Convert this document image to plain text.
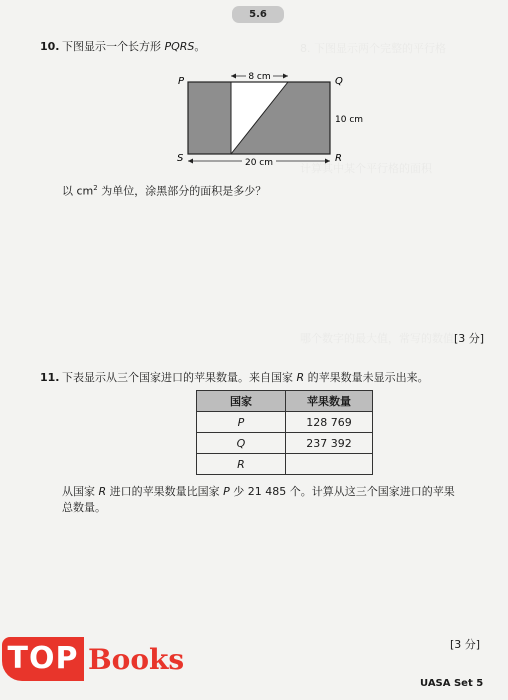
5.6
8. 下图显示两个完整的平行格
计算其中某个平行格的面积
哪个数字的最大值，常写的数值
10. 下图显示一个长方形 PQRS。
8 cm
20 cm
10 cm
P	Q
R
S
以 $cm^2$ 为单位，涂黑部分的面积是多少？
[3 分]
11. 下表显示从三个国家进口的苹果数量。来自国家 R 的苹果数量未显示出来。
国家	苹果数量
P	128 769
Q	237 392
R	
从国家 R 进口的苹果数量比国家 P 少 21 485 个。计算从这三个国家进口的苹果
总数量。
[3 分]
TOP Books
UASA Set 5
